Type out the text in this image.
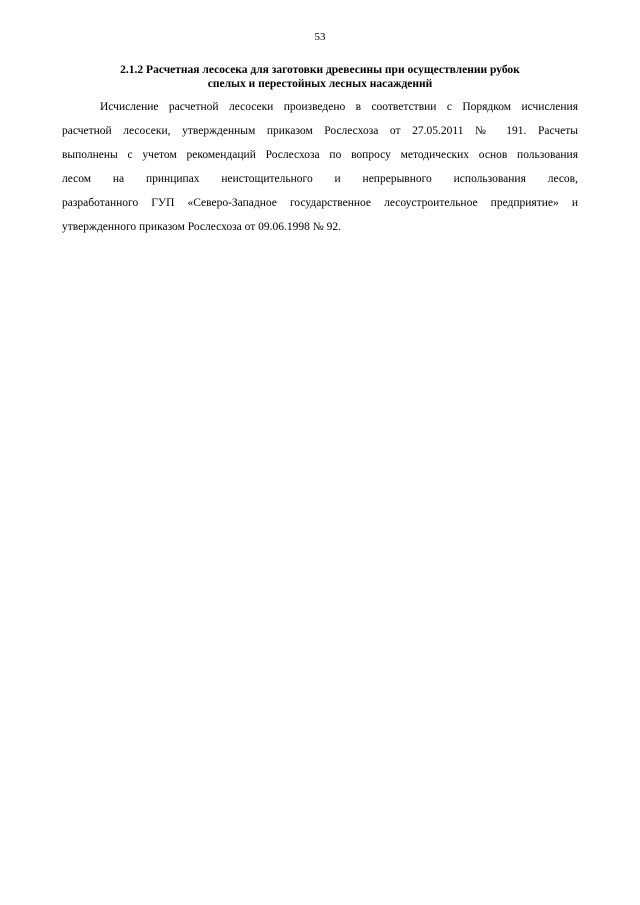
53
2.1.2 Расчетная лесосека для заготовки древесины при осуществлении рубок
спелых и перестойных лесных насаждений
Исчисление расчетной лесосеки произведено в соответствии с Порядком исчисления
расчетной лесосеки, утвержденным приказом Рослесхоза от 27.05.2011 № 191. Расчеты
выполнены с учетом рекомендаций Рослесхоза по вопросу методических основ пользования
лесом на принципах неистощительного и непрерывного использования лесов,
разработанного ГУП «Северо-Западное государственное лесоустроительное предприятие» и
утвержденного приказом Рослесхоза от 09.06.1998 № 92.
